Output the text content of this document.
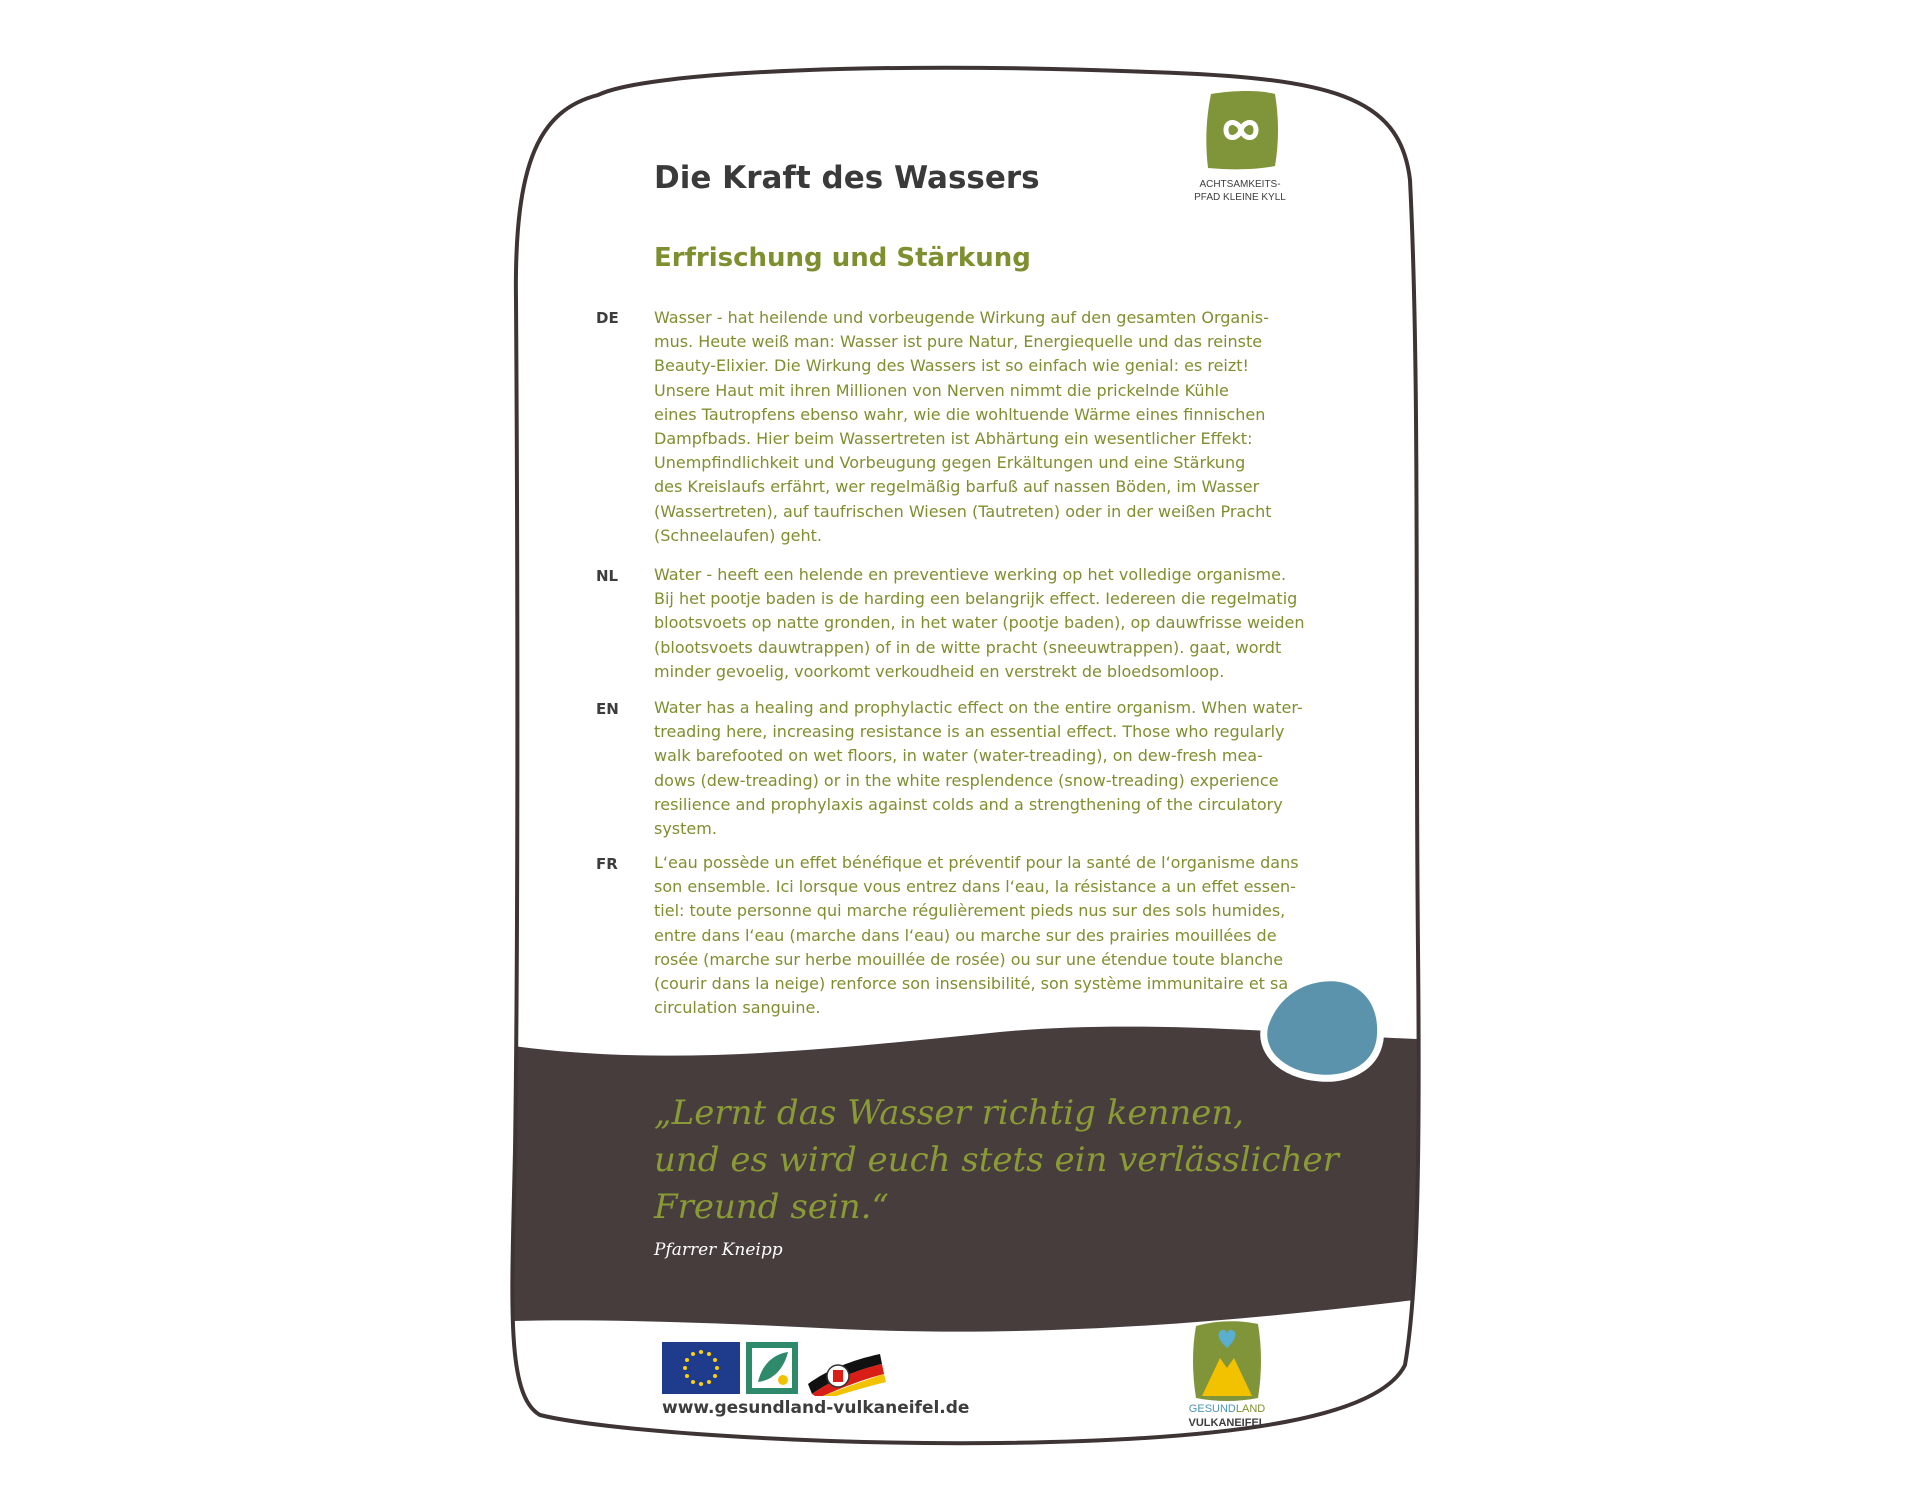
Die Kraft des Wassers
Erfrischung und Stärkung
ACHTSAMKEITS-
PFAD KLEINE KYLL
DE Wasser - hat heilende und vorbeugende Wirkung auf den gesamten Organis-
mus. Heute weiß man: Wasser ist pure Natur, Energiequelle und das reinste
Beauty-Elixier. Die Wirkung des Wassers ist so einfach wie genial: es reizt!
Unsere Haut mit ihren Millionen von Nerven nimmt die prickelnde Kühle
eines Tautropfens ebenso wahr, wie die wohltuende Wärme eines finnischen
Dampfbads. Hier beim Wassertreten ist Abhärtung ein wesentlicher Effekt:
Unempfindlichkeit und Vorbeugung gegen Erkältungen und eine Stärkung
des Kreislaufs erfährt, wer regelmäßig barfuß auf nassen Böden, im Wasser
(Wassertreten), auf taufrischen Wiesen (Tautreten) oder in der weißen Pracht
(Schneelaufen) geht.
NL Water - heeft een helende en preventieve werking op het volledige organisme.
Bij het pootje baden is de harding een belangrijk effect. Iedereen die regelmatig
blootsvoets op natte gronden, in het water (pootje baden), op dauwfrisse weiden
(blootsvoets dauwtrappen) of in de witte pracht (sneeuwtrappen). gaat, wordt
minder gevoelig, voorkomt verkoudheid en verstrekt de bloedsomloop.
EN Water has a healing and prophylactic effect on the entire organism. When water-
treading here, increasing resistance is an essential effect. Those who regularly
walk barefooted on wet floors, in water (water-treading), on dew-fresh mea-
dows (dew-treading) or in the white resplendence (snow-treading) experience
resilience and prophylaxis against colds and a strengthening of the circulatory
system.
FR L‘eau possède un effet bénéfique et préventif pour la santé de l‘organisme dans
son ensemble. Ici lorsque vous entrez dans l‘eau, la résistance a un effet essen-
tiel: toute personne qui marche régulièrement pieds nus sur des sols humides,
entre dans l‘eau (marche dans l‘eau) ou marche sur des prairies mouillées de
rosée (marche sur herbe mouillée de rosée) ou sur une étendue toute blanche
(courir dans la neige) renforce son insensibilité, son système immunitaire et sa
circulation sanguine.
„Lernt das Wasser richtig kennen,
und es wird euch stets ein verlässlicher
Freund sein.“
Pfarrer Kneipp
www.gesundland-vulkaneifel.de	GESUNDLAND
VULKANEIFEL
